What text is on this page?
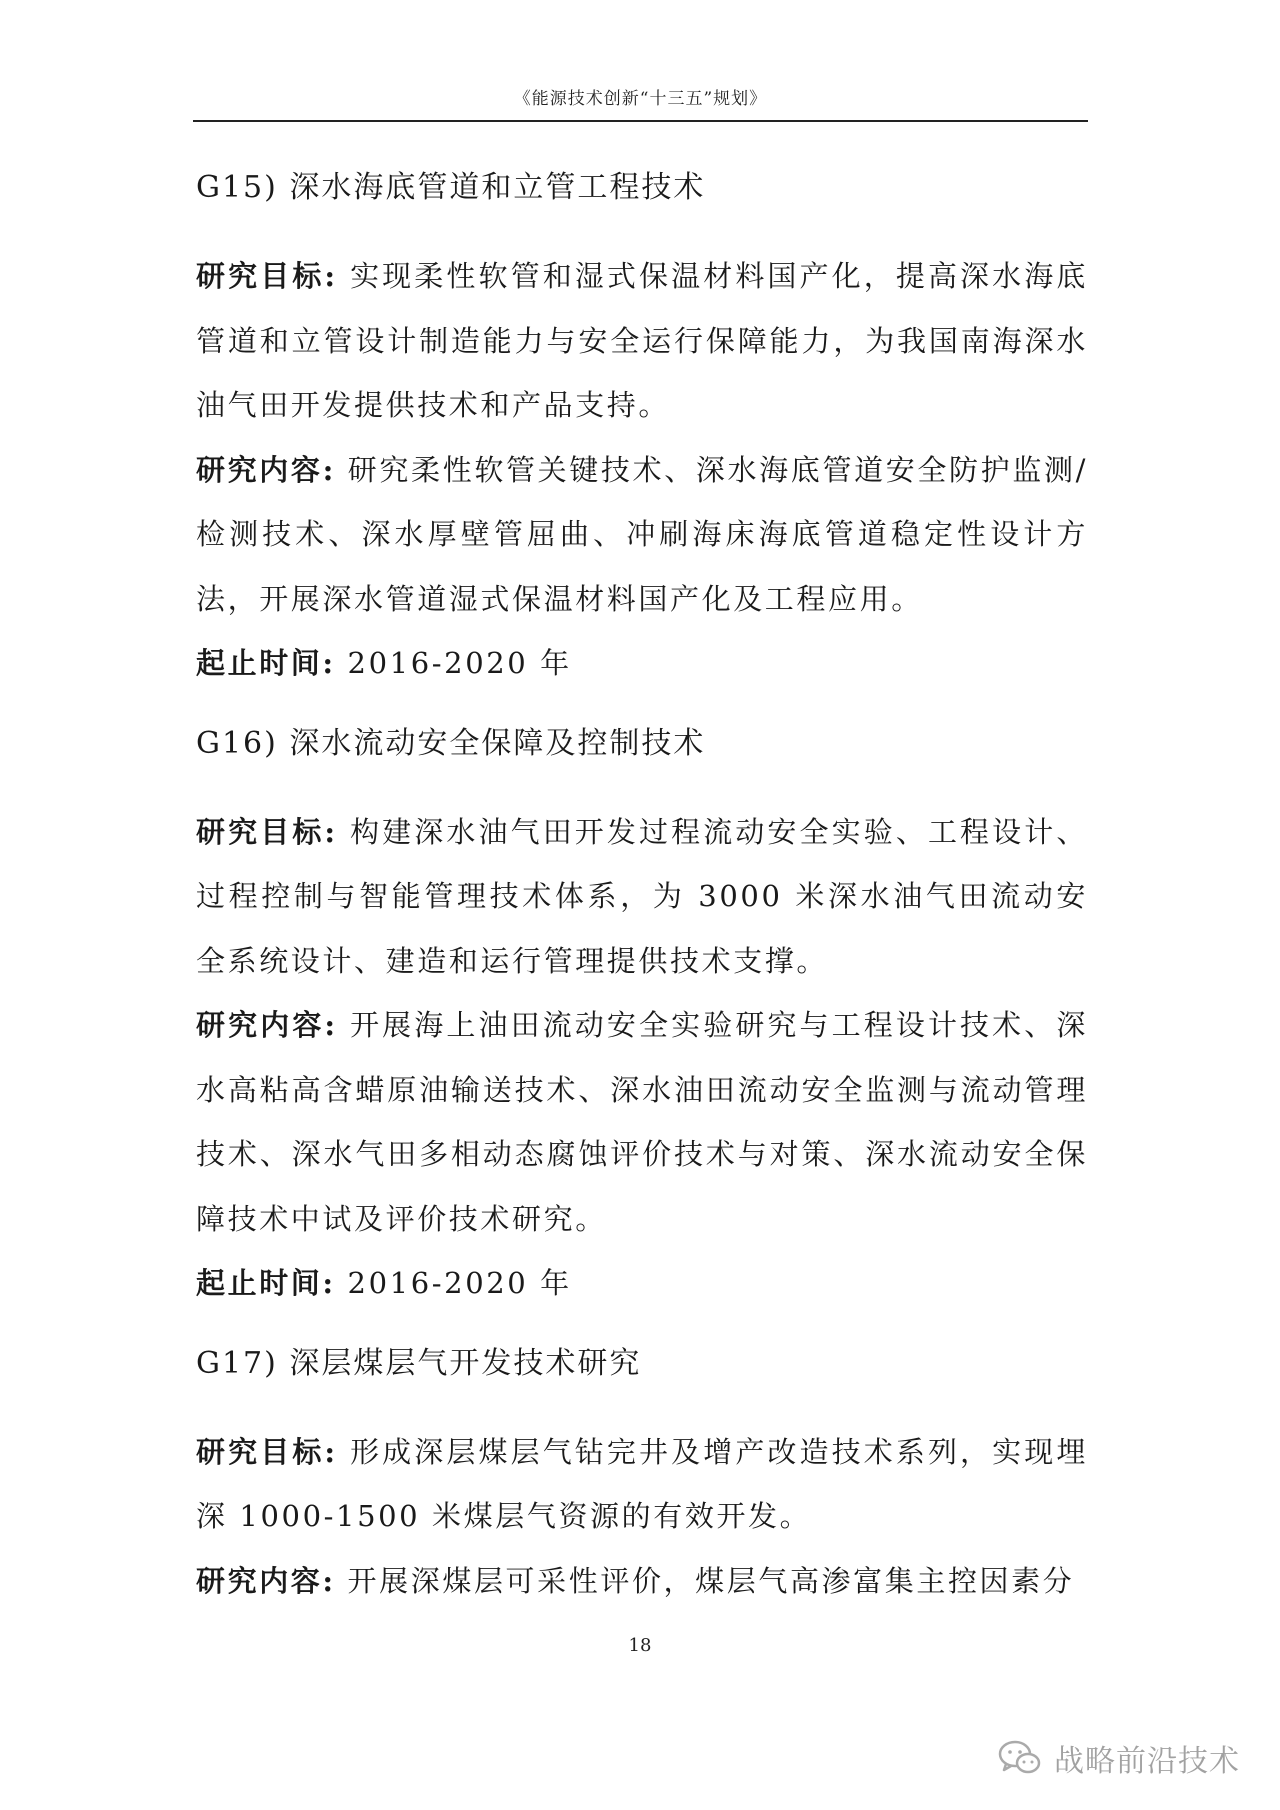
《能源技术创新“十三五”规划》
G15) 深水海底管道和立管工程技术

研究目标: 实现柔性软管和湿式保温材料国产化，提高深水海底管道和立管设计制造能力与安全运行保障能力，为我国南海深水油气田开发提供技术和产品支持。

研究内容: 研究柔性软管关键技术、深水海底管道安全防护监测/检测技术、深水厚壁管屈曲、冲刷海床海底管道稳定性设计方法，开展深水管道湿式保温材料国产化及工程应用。

起止时间: 2016-2020 年

G16) 深水流动安全保障及控制技术

研究目标: 构建深水油气田开发过程流动安全实验、工程设计、过程控制与智能管理技术体系，为 3000 米深水油气田流动安全系统设计、建造和运行管理提供技术支撑。

研究内容: 开展海上油田流动安全实验研究与工程设计技术、深水高粘高含蜡原油输送技术、深水油田流动安全监测与流动管理技术、深水气田多相动态腐蚀评价技术与对策、深水流动安全保障技术中试及评价技术研究。

起止时间: 2016-2020 年

G17) 深层煤层气开发技术研究

研究目标: 形成深层煤层气钻完井及增产改造技术系列，实现埋深 1000-1500 米煤层气资源的有效开发。

研究内容: 开展深煤层可采性评价，煤层气高渗富集主控因素分

18
战略前沿技术
